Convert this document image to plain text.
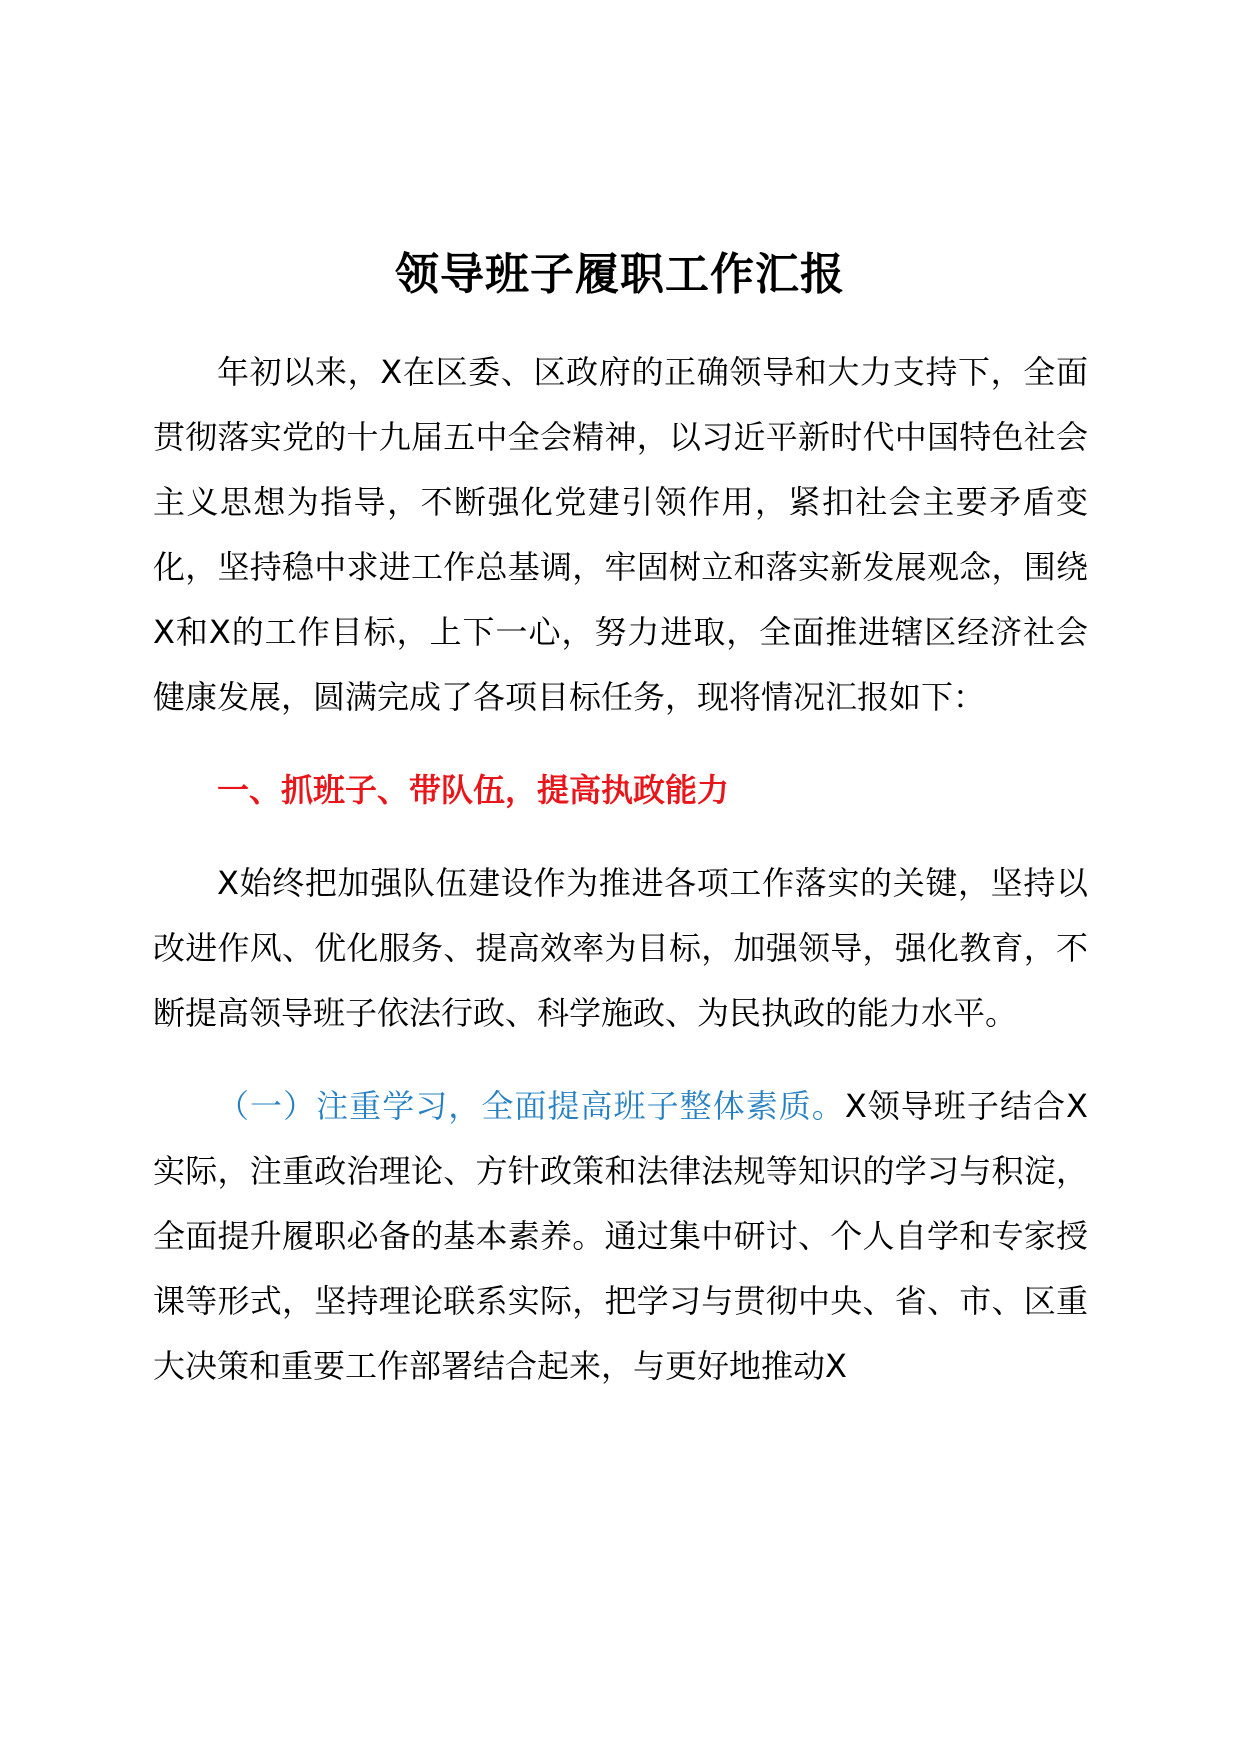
领导班子履职工作汇报

年初以来，X在区委、区政府的正确领导和大力支持下，全面贯彻落实党的十九届五中全会精神，以习近平新时代中国特色社会主义思想为指导，不断强化党建引领作用，紧扣社会主要矛盾变化，坚持稳中求进工作总基调，牢固树立和落实新发展观念，围绕X和X的工作目标，上下一心，努力进取，全面推进辖区经济社会健康发展，圆满完成了各项目标任务，现将情况汇报如下：

一、抓班子、带队伍，提高执政能力

X始终把加强队伍建设作为推进各项工作落实的关键，坚持以改进作风、优化服务、提高效率为目标，加强领导，强化教育，不断提高领导班子依法行政、科学施政、为民执政的能力水平。

（一）注重学习，全面提高班子整体素质。X领导班子结合X实际，注重政治理论、方针政策和法律法规等知识的学习与积淀，全面提升履职必备的基本素养。通过集中研讨、个人自学和专家授课等形式，坚持理论联系实际，把学习与贯彻中央、省、市、区重大决策和重要工作部署结合起来，与更好地推动X
